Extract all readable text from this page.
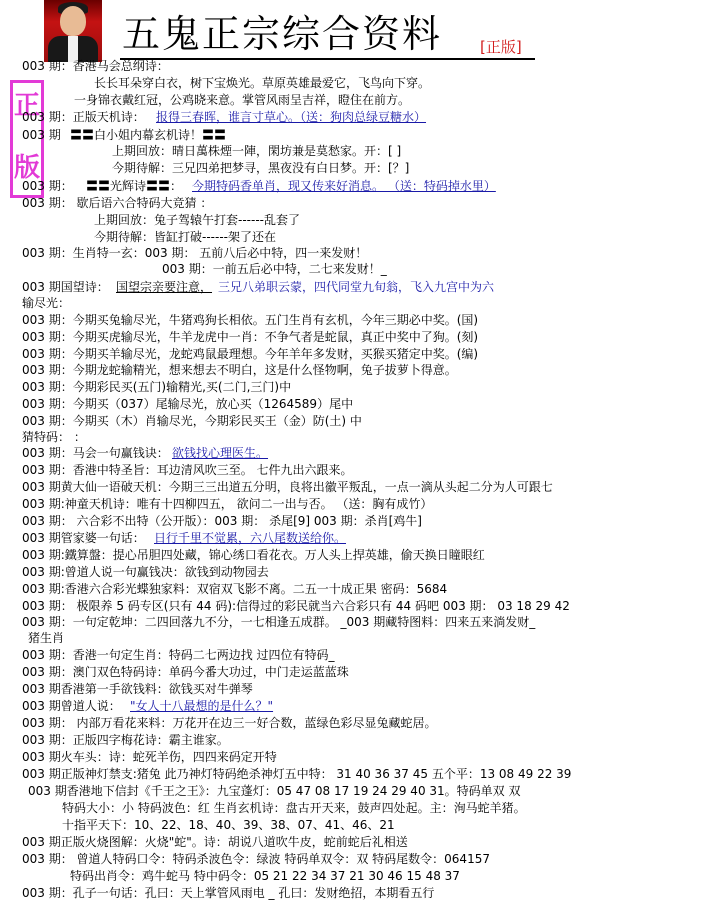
五鬼正宗综合资料	[正版]
正
版
003 期：香港马会总纲诗：
长长耳朵穿白衣，树下宝焕光。草原英雄最爱它，飞鸟向下穿。
一身锦衣戴红冠，公鸡晓来意。掌管风雨呈吉祥，瞪住在前方。
003 期：正版天机诗： 报得三春晖，谁言寸草心。（送：狗肉总绿豆糖水）
003 期 〓〓白小姐内幕玄机诗！〓〓
上期回放：晴日萬株煙一陣，閑坊兼是莫愁家。开：[ ]
今期待解：三兄四弟把梦寻，黑夜没有白日梦。开：[？]
003 期： 〓〓光辉诗〓〓： 今期特码香单肖，现又传来好消息。 （送：特码掉水里）
003 期： 歇后语六合特码大竞猜 ：
上期回放：兔子驾辕午打套------乱套了
今期待解：皆缸打破------架了还在
003 期：生肖特一玄：003 期： 五前八后必中特，四一来发财！
003 期：一前五后必中特，二七来发财！_
003 期国望诗： 国望宗亲要注意， 三兄八弟职云蒙，四代同堂九旬翁，飞入九宫中为六
输尽光：
003 期：今期买兔输尽光，牛猪鸡狗长相依。五门生肖有玄机，今年三期必中奖。(国)
003 期：今期买虎输尽光，牛羊龙虎中一肖：不争气者是蛇鼠，真正中奖中了狗。(刻)
003 期：今期买羊输尽光，龙蛇鸡鼠最理想。今年羊年多发财，买猴买猪定中奖。(编)
003 期：今期龙蛇输精光，想来想去不明白，这是什么怪物啊，兔子拔萝卜得意。
003 期：今期彩民买(五门)输精光,买(二门,三门)中
003 期：今期买（037）尾输尽光，放心买（1264589）尾中
003 期：今期买（木）肖输尽光，今期彩民买王（金）防(土) 中
猜特码： ：
003 期：马会一句赢钱诀： 欲钱找心理医生。
003 期：香港中特圣旨：耳边清风吹三至。 七件九出六跟来。
003 期黄大仙一语破天机：今期三三出道五分明，良将出徽平叛乱，一点一滴从头起二分为人可跟七
003 期:神童天机诗：唯有十四柳四五， 欲问二一出与否。 （送：胸有成竹）
003 期： 六合彩不出特（公开版）：003 期： 杀尾[9] 003 期：杀肖[鸡牛]
003 期管家婆一句话： 日行千里不觉累，六八尾数送给你。
003 期:鐵算盤：提心吊胆四处藏，锦心绣口看花衣。万人头上捍英雄，偷天换日瞳眼红
003 期:曾道人说一句赢钱决：欲钱到动物园去
003 期:香港六合彩光蝶独家料：双宿双飞影不离。二五一十成正果 密码：5684
003 期： 极限养 5 码专区(只有 44 码):信得过的彩民就当六合彩只有 44 码吧 003 期： 03 18 29 42
003 期：一句定乾坤：二四回落九不分，一七相逢五成群。 _003 期藏特图料：四来五来淌发财_
猪生肖
003 期：香港一句定生肖：特码二七两边找 过四位有特码_
003 期：澳门双色特码诗：单码今番大功过，中门走运蓝蓝珠
003 期香港第一手欲钱料：欲钱买对牛弹琴
003 期曾道人说： "女人十八最想的是什么？"
003 期： 内部万看花来料：万花开在边三一好合数，蓝绿色彩尽显兔藏蛇居。
003 期：正版四字梅花诗：霸主谁家。
003 期火车头：诗：蛇死羊伤，四四来码定开特
003 期正版神灯禁支:猪兔 此乃神灯特码绝杀神灯五中特： 31 40 36 37 45 五个平：13 08 49 22 39
003 期香港地下信封《千王之王》：九宝蓬灯：05 47 08 17 19 24 29 40 31。特码单双 双
特码大小：小 特码波色：红 生肖玄机诗：盘古开天来，鼓声四处起。主：洵马蛇羊猪。
十指平天下：10、22、18、40、39、38、07、41、46、21
003 期正版火烧图解：火烧"蛇"。诗：胡说八道吹牛皮，蛇前蛇后礼相送
003 期： 曾道人特码口令：特码杀波色令：绿波 特码单双令：双 特码尾数令：064157
特码出肖令：鸡牛蛇马 特中码令：05 21 22 34 37 21 30 46 15 48 37
003 期：孔子一句话：孔曰：天上掌管风雨电 _ 孔曰：发财绝招，本期看五行
